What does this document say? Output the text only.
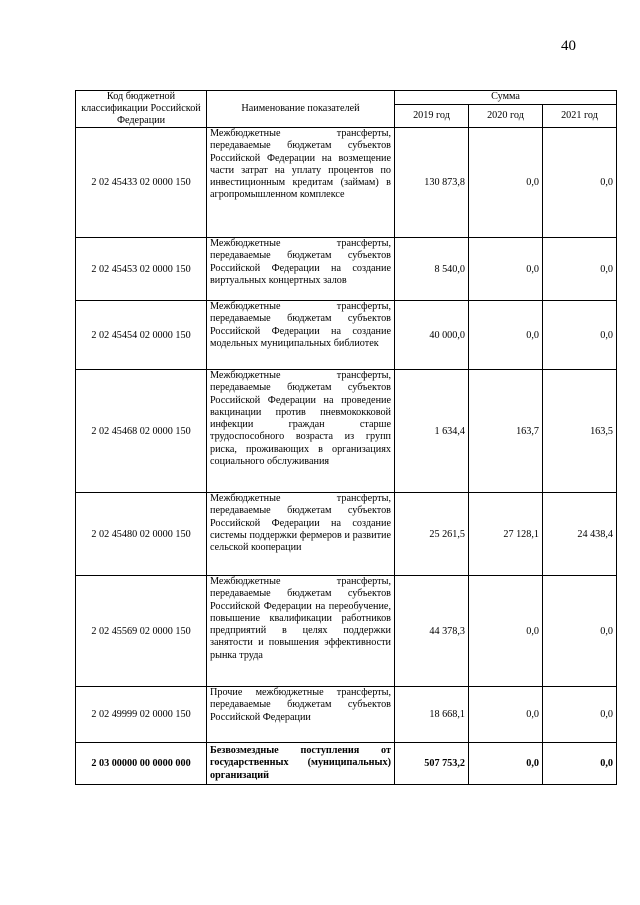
40
Код бюджетной классификации Российской Федерации	Наименование показателей	Сумма		
		2019 год	2020 год	2021 год
2 02 45433 02 0000 150	Межбюджетные трансферты, передаваемые бюджетам субъектов Российской Федерации на возмещение части затрат на уплату процентов по инвестиционным кредитам (займам) в агропромышленном комплексе	130 873,8	0,0	0,0
2 02 45453 02 0000 150	Межбюджетные трансферты, передаваемые бюджетам субъектов Российской Федерации на создание виртуальных концертных залов	8 540,0	0,0	0,0
2 02 45454 02 0000 150	Межбюджетные трансферты, передаваемые бюджетам субъектов Российской Федерации на создание модельных муниципальных библиотек	40 000,0	0,0	0,0
2 02 45468 02 0000 150	Межбюджетные трансферты, передаваемые бюджетам субъектов Российской Федерации на проведение вакцинации против пневмококковой инфекции граждан старше трудоспособного возраста из групп риска, проживающих в организациях социального обслуживания	1 634,4	163,7	163,5
2 02 45480 02 0000 150	Межбюджетные трансферты, передаваемые бюджетам субъектов Российской Федерации на создание системы поддержки фермеров и развитие сельской кооперации	25 261,5	27 128,1	24 438,4
2 02 45569 02 0000 150	Межбюджетные трансферты, передаваемые бюджетам субъектов Российской Федерации на переобучение, повышение квалификации работников предприятий в целях поддержки занятости и повышения эффективности рынка труда	44 378,3	0,0	0,0
2 02 49999 02 0000 150	Прочие межбюджетные трансферты, передаваемые бюджетам субъектов Российской Федерации	18 668,1	0,0	0,0
2 03 00000 00 0000 000	Безвозмездные поступления от государственных (муниципальных) организаций	507 753,2	0,0	0,0
